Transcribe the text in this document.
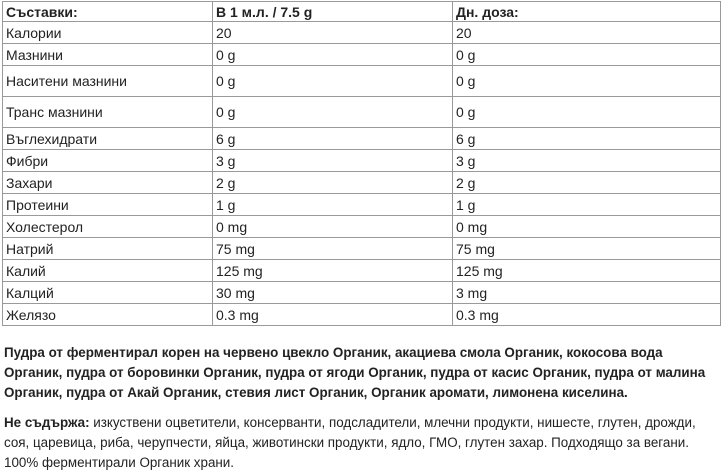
Съставки:	В 1 м.л. / 7.5 g	Дн. доза:
Калории	20	20
Мазнини	0 g	0 g
Наситени мазнини	0 g	0 g
Транс мазнини	0 g	0 g
Въглехидрати	6 g	6 g
Фибри	3 g	3 g
Захари	2 g	2 g
Протеини	1 g	1 g
Холестерол	0 mg	0 mg
Натрий	75 mg	75 mg
Калий	125 mg	125 mg
Калций	30 mg	3 mg
Желязо	0.3 mg	0.3 mg

Пудра от ферментирал корен на червено цвекло Органик, акациева смола Органик, кокосова вода Органик, пудра от боровинки Органик, пудра от ягоди Органик, пудра от касис Органик, пудра от малина Органик, пудра от Акай Органик, стевия лист Органик, Органик аромати, лимонена киселина.

Не съдържа: изкуствени оцветители, консерванти, подсладители, млечни продукти, нишесте, глутен, дрожди, соя, царевица, риба, черупчести, яйца, животински продукти, ядло, ГМО, глутен захар. Подходящо за вегани. 100% ферментирали Органик храни.
